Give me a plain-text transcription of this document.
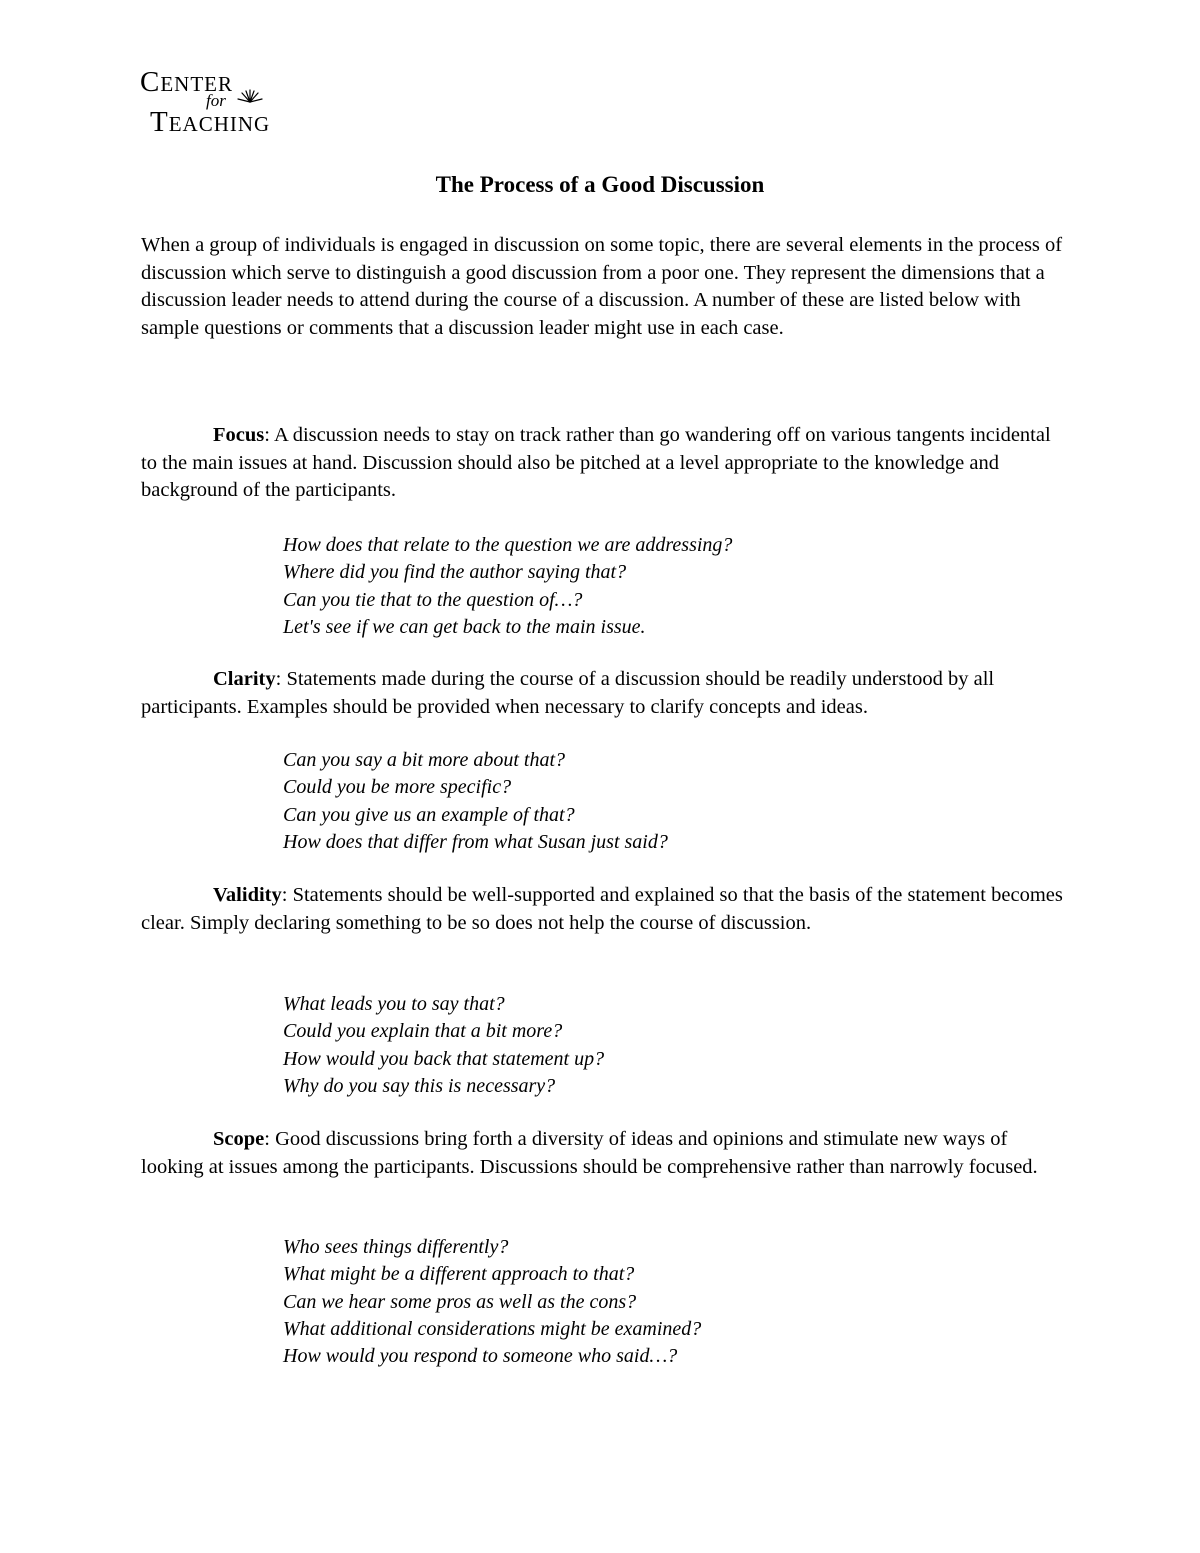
CENTER
for
TEACHING
The Process of a Good Discussion

When a group of individuals is engaged in discussion on some topic, there are several elements in the process of discussion which serve to distinguish a good discussion from a poor one. They represent the dimensions that a discussion leader needs to attend during the course of a discussion. A number of these are listed below with sample questions or comments that a discussion leader might use in each case.

Focus: A discussion needs to stay on track rather than go wandering off on various tangents incidental to the main issues at hand. Discussion should also be pitched at a level appropriate to the knowledge and background of the participants.

How does that relate to the question we are addressing?
Where did you find the author saying that?
Can you tie that to the question of…?
Let's see if we can get back to the main issue.

Clarity: Statements made during the course of a discussion should be readily understood by all participants. Examples should be provided when necessary to clarify concepts and ideas.

Can you say a bit more about that?
Could you be more specific?
Can you give us an example of that?
How does that differ from what Susan just said?

Validity: Statements should be well-supported and explained so that the basis of the statement becomes clear. Simply declaring something to be so does not help the course of discussion.

What leads you to say that?
Could you explain that a bit more?
How would you back that statement up?
Why do you say this is necessary?

Scope: Good discussions bring forth a diversity of ideas and opinions and stimulate new ways of looking at issues among the participants. Discussions should be comprehensive rather than narrowly focused.

Who sees things differently?
What might be a different approach to that?
Can we hear some pros as well as the cons?
What additional considerations might be examined?
How would you respond to someone who said…?
